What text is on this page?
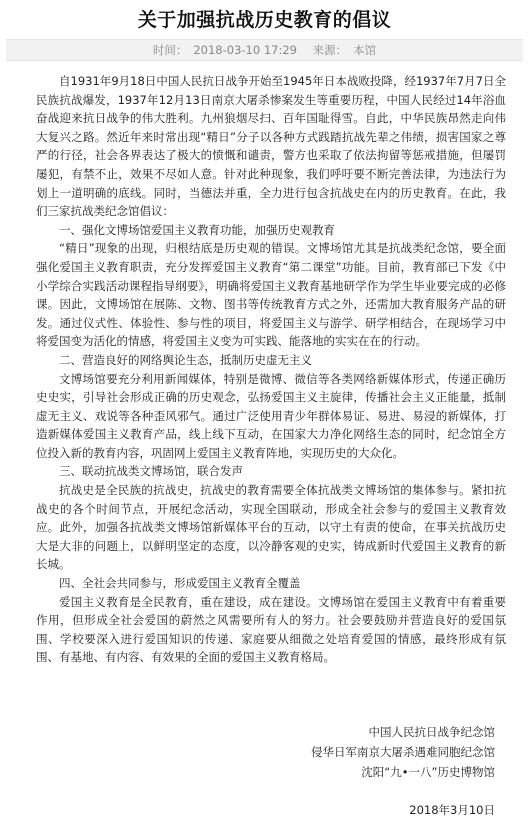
关于加强抗战历史教育的倡议
时间： 2018-03-10 17:29 来源： 本馆

自1931年9月18日中国人民抗日战争开始至1945年日本战败投降，经1937年7月7日全民族抗战爆发，1937年12月13日南京大屠杀惨案发生等重要历程，中国人民经过14年浴血奋战迎来抗日战争的伟大胜利。九州狼烟尽扫、百年国耻得雪。自此，中华民族昂然走向伟大复兴之路。然近年来时常出现“精日”分子以各种方式践踏抗战先辈之伟绩，损害国家之尊严的行径，社会各界表达了极大的愤慨和谴责，警方也采取了依法拘留等惩戒措施，但屡罚屡犯，有禁不止，效果不尽如人意。针对此种现象，我们呼吁要不断完善法律，为违法行为划上一道明确的底线。同时，当德法并重，全力进行包含抗战史在内的历史教育。在此，我们三家抗战类纪念馆倡议：

一、强化文博场馆爱国主义教育功能，加强历史观教育

“精日”现象的出现，归根结底是历史观的错误。文博场馆尤其是抗战类纪念馆，要全面强化爱国主义教育职责，充分发挥爱国主义教育“第二课堂”功能。目前，教育部已下发《中小学综合实践活动课程指导纲要》，明确将爱国主义教育基地研学作为学生毕业要完成的必修课。因此，文博场馆在展陈、文物、图书等传统教育方式之外，还需加大教育服务产品的研发。通过仪式性、体验性、参与性的项目，将爱国主义与游学、研学相结合，在现场学习中将爱国变为活化的情感，将爱国主义变为可实践、能落地的实实在在的行动。

二、营造良好的网络舆论生态，抵制历史虚无主义

文博场馆要充分利用新闻媒体，特别是微博、微信等各类网络新媒体形式，传递正确历史史实，引导社会形成正确的历史观念，弘扬爱国主义主旋律，传播社会主义正能量，抵制虚无主义、戏说等各种歪风邪气。通过广泛使用青少年群体易证、易进、易浸的新媒体，打造新媒体爱国主义教育产品，线上线下互动，在国家大力净化网络生态的同时，纪念馆全方位投入新的教育内容，巩固网上爱国主义教育阵地，实现历史的大众化。

三、联动抗战类文博场馆，联合发声

抗战史是全民族的抗战史，抗战史的教育需要全体抗战类文博场馆的集体参与。紧扣抗战史的各个时间节点，开展纪念活动，实现全国联动，形成全社会参与的爱国主义教育效应。此外，加强各抗战类文博场馆新媒体平台的互动，以守土有责的使命，在事关抗战历史大是大非的问题上，以鲜明坚定的态度，以冷静客观的史实，铸成新时代爱国主义教育的新长城。

四、全社会共同参与，形成爱国主义教育全覆盖

爱国主义教育是全民教育，重在建设，成在建设。文博场馆在爱国主义教育中有着重要作用，但形成全社会爱国的蔚然之风需要所有人的努力。社会要鼓励并营造良好的爱国氛围、学校要深入进行爱国知识的传递、家庭要从细微之处培育爱国的情感，最终形成有氛围、有基地、有内容、有效果的全面的爱国主义教育格局。

中国人民抗日战争纪念馆
侵华日军南京大屠杀遇难同胞纪念馆
沈阳“九•一八”历史博物馆
2018年3月10日
